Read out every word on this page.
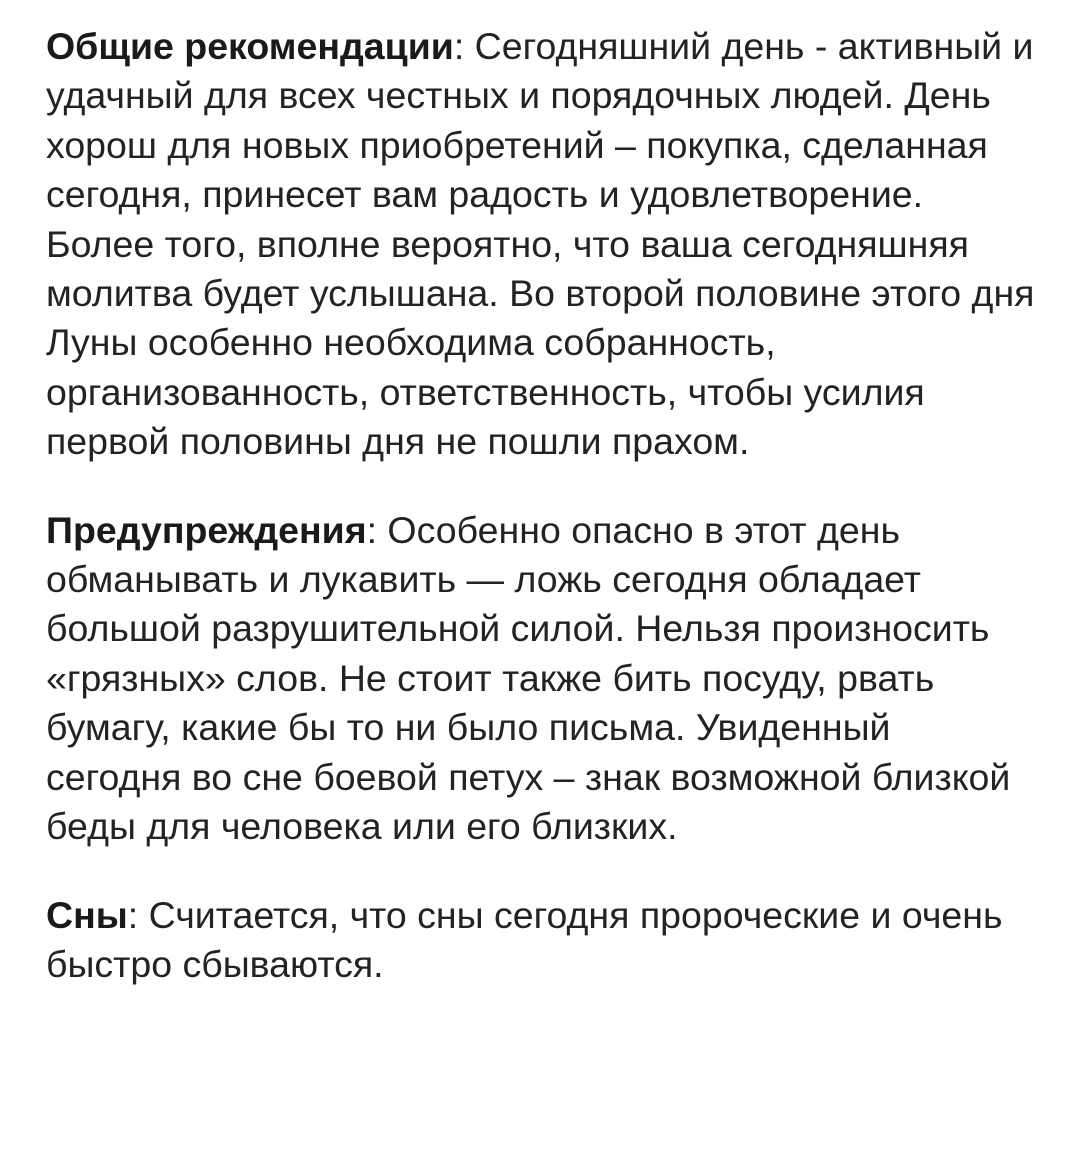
Общие рекомендации: Сегодняшний день - активный и удачный для всех честных и порядочных людей. День хорош для новых приобретений – покупка, сделанная сегодня, принесет вам радость и удовлетворение. Более того, вполне вероятно, что ваша сегодняшняя молитва будет услышана. Во второй половине этого дня Луны особенно необходима собранность, организованность, ответственность, чтобы усилия первой половины дня не пошли прахом.

Предупреждения: Особенно опасно в этот день обманывать и лукавить — ложь сегодня обладает большой разрушительной силой. Нельзя произносить «грязных» слов. Не стоит также бить посуду, рвать бумагу, какие бы то ни было письма. Увиденный сегодня во сне боевой петух – знак возможной близкой беды для человека или его близких.

Сны: Считается, что сны сегодня пророческие и очень быстро сбываются.
